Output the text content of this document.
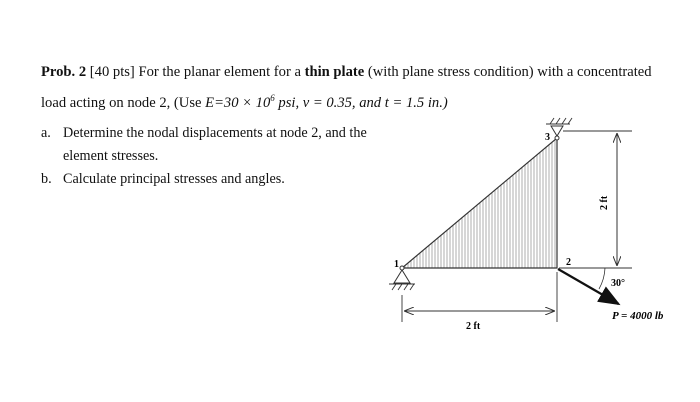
Prob. 2 [40 pts] For the planar element for a thin plate (with plane stress condition) with a concentrated
load acting on node 2, (Use $E=30 \times 10^6$ psi, v = 0.35, and t = 1.5 in.)
a. Determine the nodal displacements at node 2, and the element stresses.
b. Calculate principal stresses and angles.
1	2
3
2 ft
2 ft
30°
P = 4000 lb
